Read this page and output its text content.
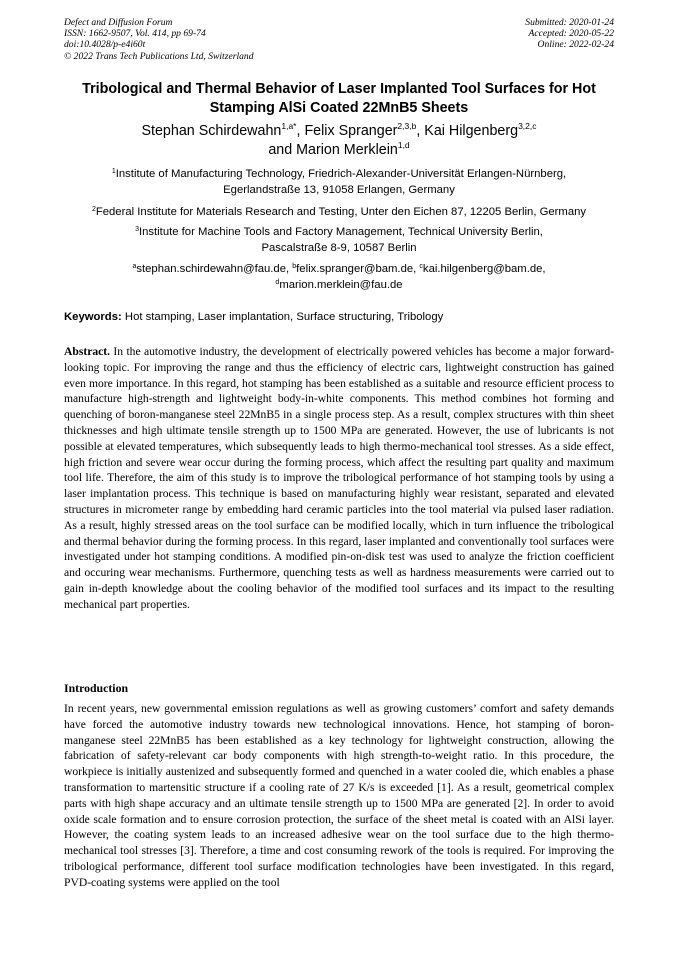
Defect and Diffusion Forum
ISSN: 1662-9507, Vol. 414, pp 69-74
doi:10.4028/p-e4i60t
© 2022 Trans Tech Publications Ltd, Switzerland
Submitted: 2020-01-24
Accepted: 2020-05-22
Online: 2022-02-24
Tribological and Thermal Behavior of Laser Implanted Tool Surfaces for Hot Stamping AlSi Coated 22MnB5 Sheets
Stephan Schirdewahn$^{1,a*}$, Felix Spranger$^{2,3,b}$, Kai Hilgenberg$^{3,2,c}$
and Marion Merklein$^{1,d}$
$^1$Institute of Manufacturing Technology, Friedrich-Alexander-Universität Erlangen-Nürnberg,
Egerlandstraße 13, 91058 Erlangen, Germany
$^2$Federal Institute for Materials Research and Testing, Unter den Eichen 87, 12205 Berlin, Germany
$^3$Institute for Machine Tools and Factory Management, Technical University Berlin,
Pascalstraße 8-9, 10587 Berlin
$^a$stephan.schirdewahn@fau.de, $^b$felix.spranger@bam.de, $^c$kai.hilgenberg@bam.de,
$^d$marion.merklein@fau.de
Keywords: Hot stamping, Laser implantation, Surface structuring, Tribology

Abstract. In the automotive industry, the development of electrically powered vehicles has become a major forward-looking topic. For improving the range and thus the efficiency of electric cars, lightweight construction has gained even more importance. In this regard, hot stamping has been established as a suitable and resource efficient process to manufacture high-strength and lightweight body-in-white components. This method combines hot forming and quenching of boron-manganese steel 22MnB5 in a single process step. As a result, complex structures with thin sheet thicknesses and high ultimate tensile strength up to 1500 MPa are generated. However, the use of lubricants is not possible at elevated temperatures, which subsequently leads to high thermo-mechanical tool stresses. As a side effect, high friction and severe wear occur during the forming process, which affect the resulting part quality and maximum tool life. Therefore, the aim of this study is to improve the tribological performance of hot stamping tools by using a laser implantation process. This technique is based on manufacturing highly wear resistant, separated and elevated structures in micrometer range by embedding hard ceramic particles into the tool material via pulsed laser radiation. As a result, highly stressed areas on the tool surface can be modified locally, which in turn influence the tribological and thermal behavior during the forming process. In this regard, laser implanted and conventionally tool surfaces were investigated under hot stamping conditions. A modified pin-on-disk test was used to analyze the friction coefficient and occuring wear mechanisms. Furthermore, quenching tests as well as hardness measurements were carried out to gain in-depth knowledge about the cooling behavior of the modified tool surfaces and its impact to the resulting mechanical part properties.

Introduction

In recent years, new governmental emission regulations as well as growing customers’ comfort and safety demands have forced the automotive industry towards new technological innovations. Hence, hot stamping of boron-manganese steel 22MnB5 has been established as a key technology for lightweight construction, allowing the fabrication of safety-relevant car body components with high strength-to-weight ratio. In this procedure, the workpiece is initially austenized and subsequently formed and quenched in a water cooled die, which enables a phase transformation to martensitic structure if a cooling rate of 27 K/s is exceeded [1]. As a result, geometrical complex parts with high shape accuracy and an ultimate tensile strength up to 1500 MPa are generated [2]. In order to avoid oxide scale formation and to ensure corrosion protection, the surface of the sheet metal is coated with an AlSi layer. However, the coating system leads to an increased adhesive wear on the tool surface due to the high thermo-mechanical tool stresses [3]. Therefore, a time and cost consuming rework of the tools is required. For improving the tribological performance, different tool surface modification technologies have been investigated. In this regard, PVD-coating systems were applied on the tool
